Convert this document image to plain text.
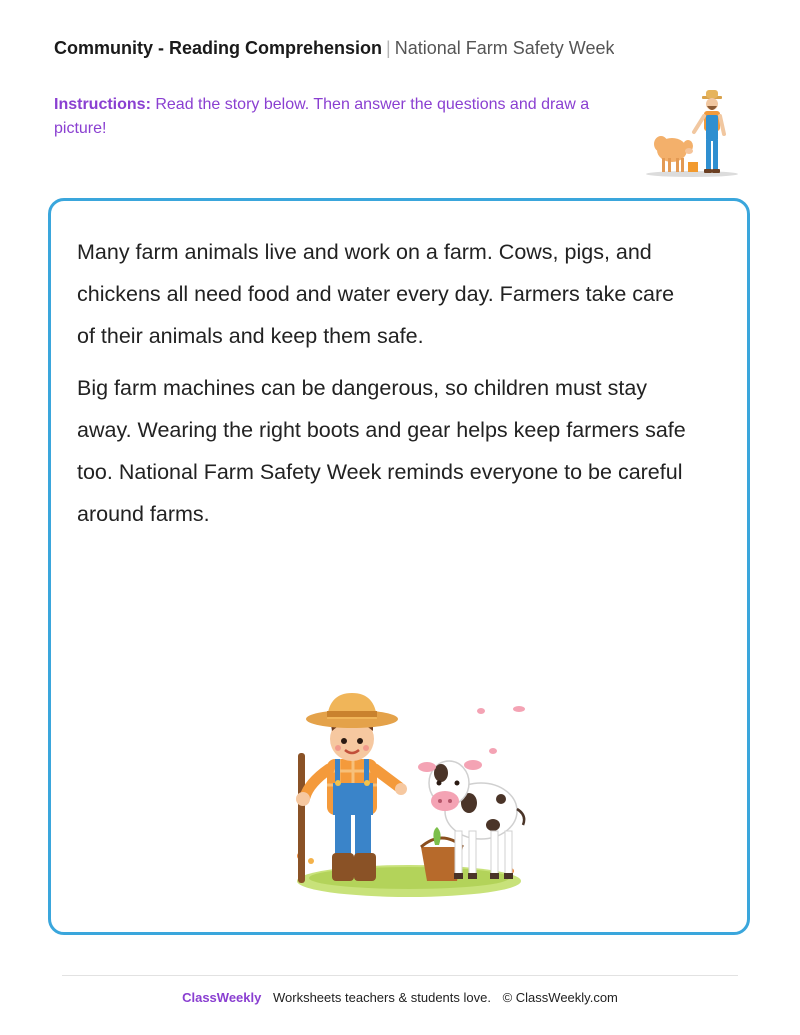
Community - Reading Comprehension | National Farm Safety Week
Instructions: Read the story below. Then answer the questions and draw a picture!

Many farm animals live and work on a farm. Cows, pigs, and chickens all need food and water every day. Farmers take care of their animals and keep them safe.

Big farm machines can be dangerous, so children must stay away. Wearing the right boots and gear helps keep farmers safe too. National Farm Safety Week reminds everyone to be careful around farms.

ClassWeekly Worksheets teachers & students love. © ClassWeekly.com
